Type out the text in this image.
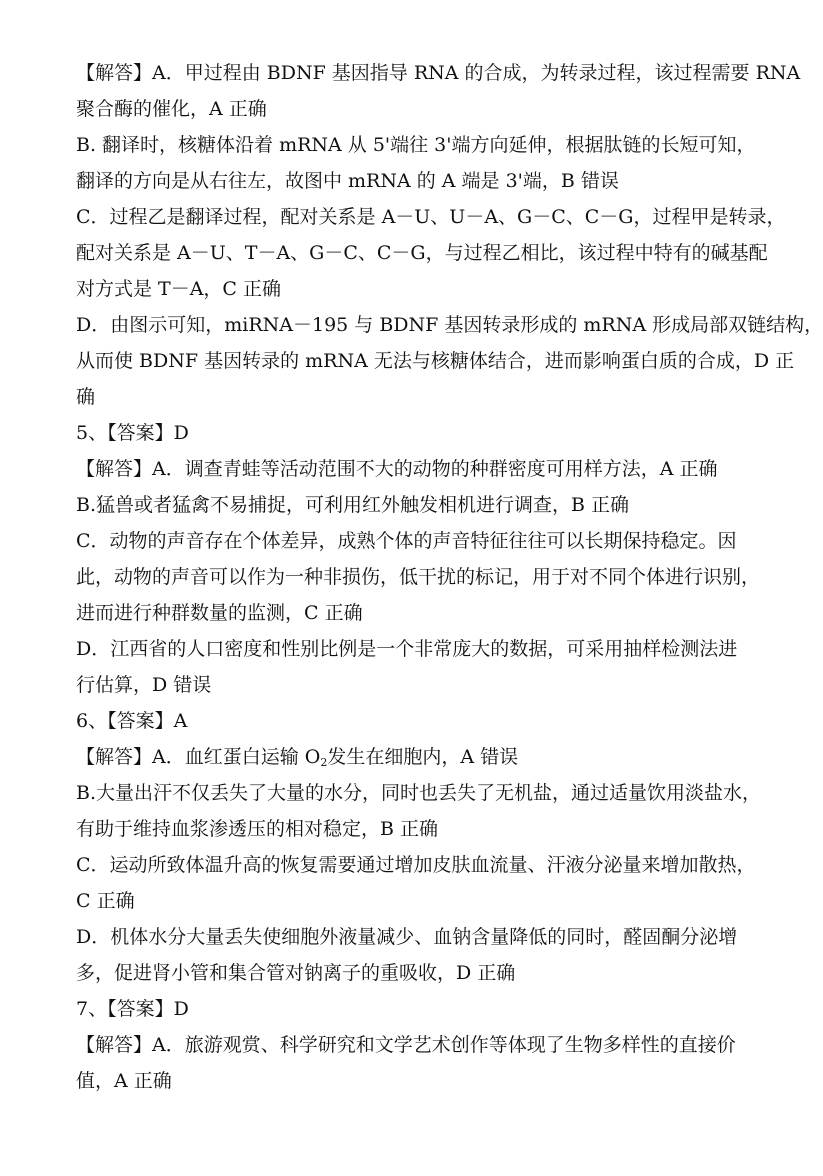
【解答】A．甲过程由 BDNF 基因指导 RNA 的合成，为转录过程，该过程需要 RNA
聚合酶的催化，A 正确
B. 翻译时，核糖体沿着 mRNA 从 5'端往 3'端方向延伸，根据肽链的长短可知，
翻译的方向是从右往左，故图中 mRNA 的 A 端是 3'端，B 错误
C．过程乙是翻译过程，配对关系是 A－U、U－A、G－C、C－G，过程甲是转录，
配对关系是 A－U、T－A、G－C、C－G，与过程乙相比，该过程中特有的碱基配
对方式是 T－A，C 正确
D．由图示可知，miRNA－195 与 BDNF 基因转录形成的 mRNA 形成局部双链结构，
从而使 BDNF 基因转录的 mRNA 无法与核糖体结合，进而影响蛋白质的合成，D 正
确
5、【答案】D
【解答】A．调查青蛙等活动范围不大的动物的种群密度可用样方法，A 正确
B.猛兽或者猛禽不易捕捉，可利用红外触发相机进行调查，B 正确
C．动物的声音存在个体差异，成熟个体的声音特征往往可以长期保持稳定。因
此，动物的声音可以作为一种非损伤，低干扰的标记，用于对不同个体进行识别，
进而进行种群数量的监测，C 正确
D．江西省的人口密度和性别比例是一个非常庞大的数据，可采用抽样检测法进
行估算，D 错误
6、【答案】A
【解答】A．血红蛋白运输 $O_2$发生在细胞内，A 错误
B.大量出汗不仅丢失了大量的水分，同时也丢失了无机盐，通过适量饮用淡盐水，
有助于维持血浆渗透压的相对稳定，B 正确
C．运动所致体温升高的恢复需要通过增加皮肤血流量、汗液分泌量来增加散热，
C 正确
D．机体水分大量丢失使细胞外液量减少、血钠含量降低的同时，醛固酮分泌增
多，促进肾小管和集合管对钠离子的重吸收，D 正确
7、【答案】D
【解答】A．旅游观赏、科学研究和文学艺术创作等体现了生物多样性的直接价
值，A 正确
